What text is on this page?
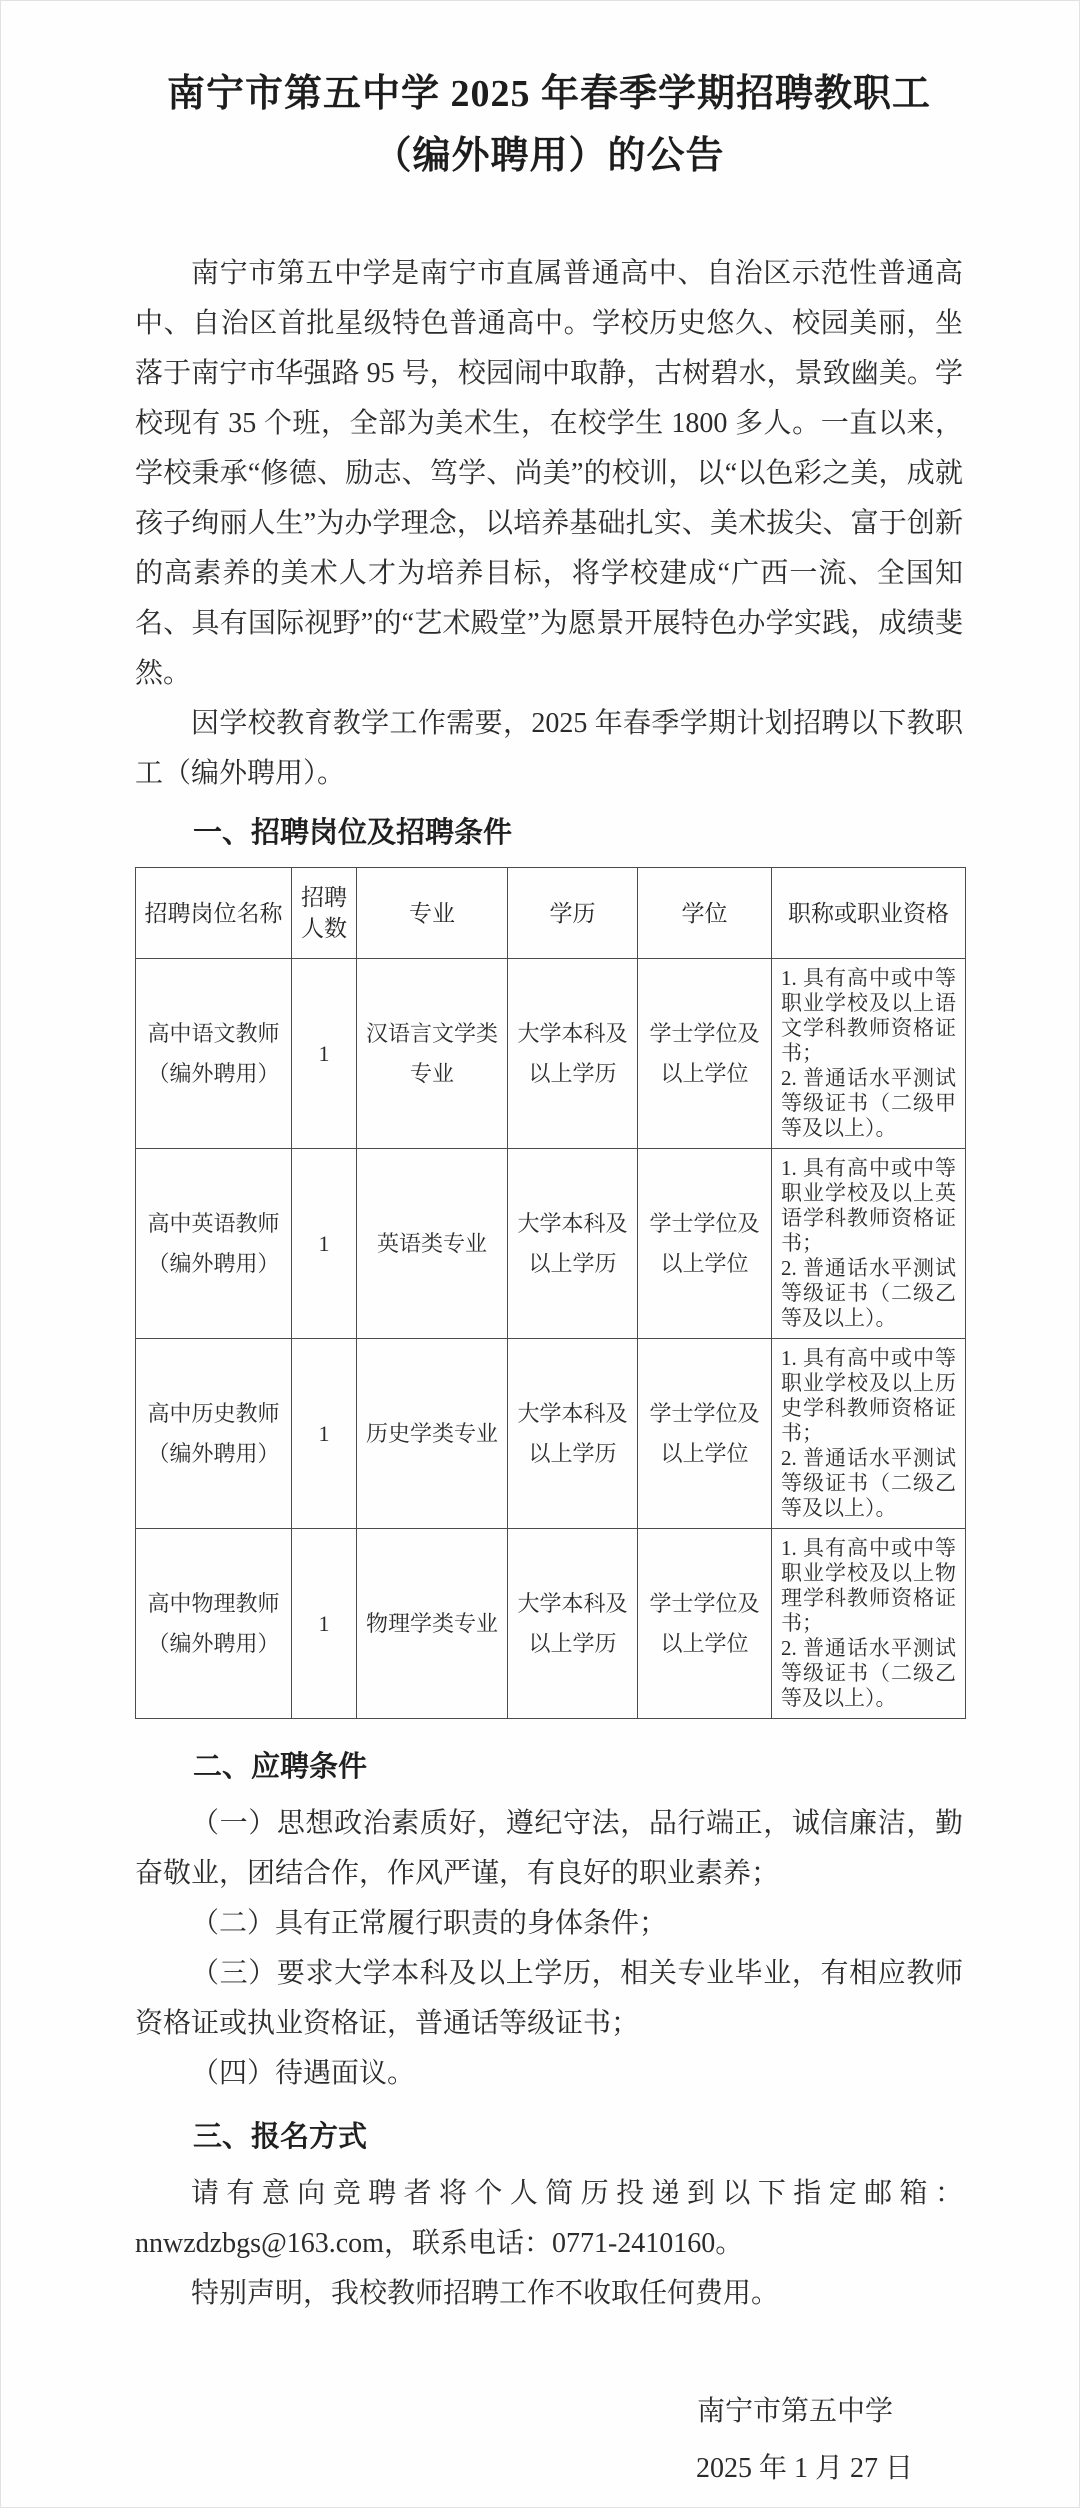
南宁市第五中学 2025 年春季学期招聘教职工
（编外聘用）的公告

南宁市第五中学是南宁市直属普通高中、自治区示范性普通高中、自治区首批星级特色普通高中。学校历史悠久、校园美丽，坐落于南宁市华强路 95 号，校园闹中取静，古树碧水，景致幽美。学校现有 35 个班，全部为美术生，在校学生 1800 多人。一直以来，学校秉承“修德、励志、笃学、尚美”的校训，以“以色彩之美，成就孩子绚丽人生”为办学理念，以培养基础扎实、美术拔尖、富于创新的高素养的美术人才为培养目标，将学校建成“广西一流、全国知名、具有国际视野”的“艺术殿堂”为愿景开展特色办学实践，成绩斐然。

因学校教育教学工作需要，2025 年春季学期计划招聘以下教职工（编外聘用）。

一、招聘岗位及招聘条件
招聘岗位名称	招聘人数	专业	学历	学位	职称或职业资格
高中语文教师（编外聘用）	1	汉语言文学类专业	大学本科及以上学历	学士学位及以上学位	1. 具有高中或中等职业学校及以上语文学科教师资格证书；
2. 普通话水平测试等级证书（二级甲等及以上）。

高中英语教师（编外聘用）	1	英语类专业	大学本科及以上学历	学士学位及以上学位	1. 具有高中或中等职业学校及以上英语学科教师资格证书；
2. 普通话水平测试等级证书（二级乙等及以上）。

高中历史教师（编外聘用）	1	历史学类专业	大学本科及以上学历	学士学位及以上学位	1. 具有高中或中等职业学校及以上历史学科教师资格证书；
2. 普通话水平测试等级证书（二级乙等及以上）。

高中物理教师（编外聘用）	1	物理学类专业	大学本科及以上学历	学士学位及以上学位	1. 具有高中或中等职业学校及以上物理学科教师资格证书；
2. 普通话水平测试等级证书（二级乙等及以上）。
二、应聘条件

（一）思想政治素质好，遵纪守法，品行端正，诚信廉洁，勤奋敬业，团结合作，作风严谨，有良好的职业素养；

（二）具有正常履行职责的身体条件；

（三）要求大学本科及以上学历，相关专业毕业，有相应教师资格证或执业资格证，普通话等级证书；

（四）待遇面议。

三、报名方式

请有意向竞聘者将个人简历投递到以下指定邮箱：nnwzdzbgs@163.com，联系电话：0771-2410160。

特别声明，我校教师招聘工作不收取任何费用。

南宁市第五中学
2025 年 1 月 27 日
